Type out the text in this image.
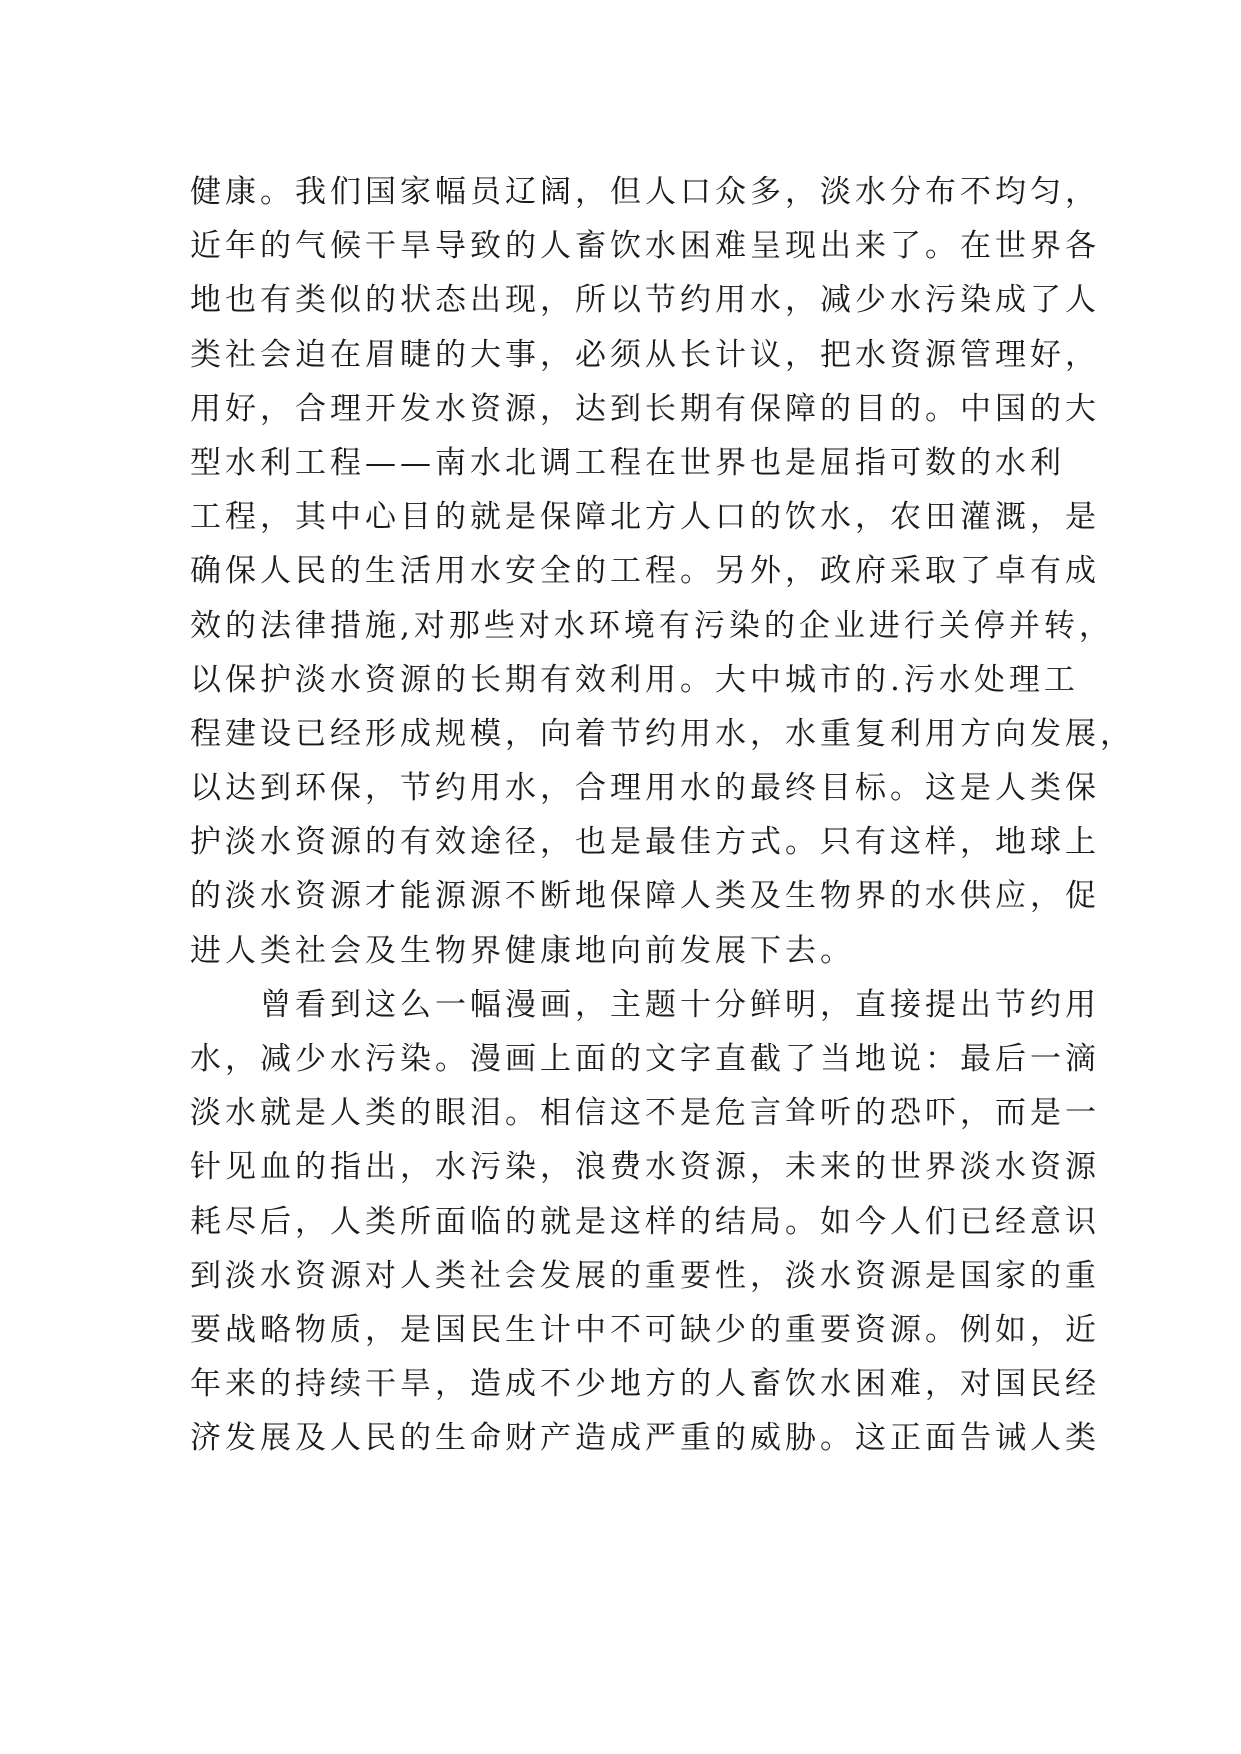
健康。我们国家幅员辽阔，但人口众多，淡水分布不均匀，
近年的气候干旱导致的人畜饮水困难呈现出来了。在世界各
地也有类似的状态出现，所以节约用水，减少水污染成了人
类社会迫在眉睫的大事，必须从长计议，把水资源管理好，
用好，合理开发水资源，达到长期有保障的目的。中国的大
型水利工程——南水北调工程在世界也是屈指可数的水利
工程，其中心目的就是保障北方人口的饮水，农田灌溉，是
确保人民的生活用水安全的工程。另外，政府采取了卓有成
效的法律措施,对那些对水环境有污染的企业进行关停并转，
以保护淡水资源的长期有效利用。大中城市的.污水处理工
程建设已经形成规模，向着节约用水，水重复利用方向发展，
以达到环保，节约用水，合理用水的最终目标。这是人类保
护淡水资源的有效途径，也是最佳方式。只有这样，地球上
的淡水资源才能源源不断地保障人类及生物界的水供应，促
进人类社会及生物界健康地向前发展下去。
曾看到这么一幅漫画，主题十分鲜明，直接提出节约用
水，减少水污染。漫画上面的文字直截了当地说：最后一滴
淡水就是人类的眼泪。相信这不是危言耸听的恐吓，而是一
针见血的指出，水污染，浪费水资源，未来的世界淡水资源
耗尽后，人类所面临的就是这样的结局。如今人们已经意识
到淡水资源对人类社会发展的重要性，淡水资源是国家的重
要战略物质，是国民生计中不可缺少的重要资源。例如，近
年来的持续干旱，造成不少地方的人畜饮水困难，对国民经
济发展及人民的生命财产造成严重的威胁。这正面告诫人类
